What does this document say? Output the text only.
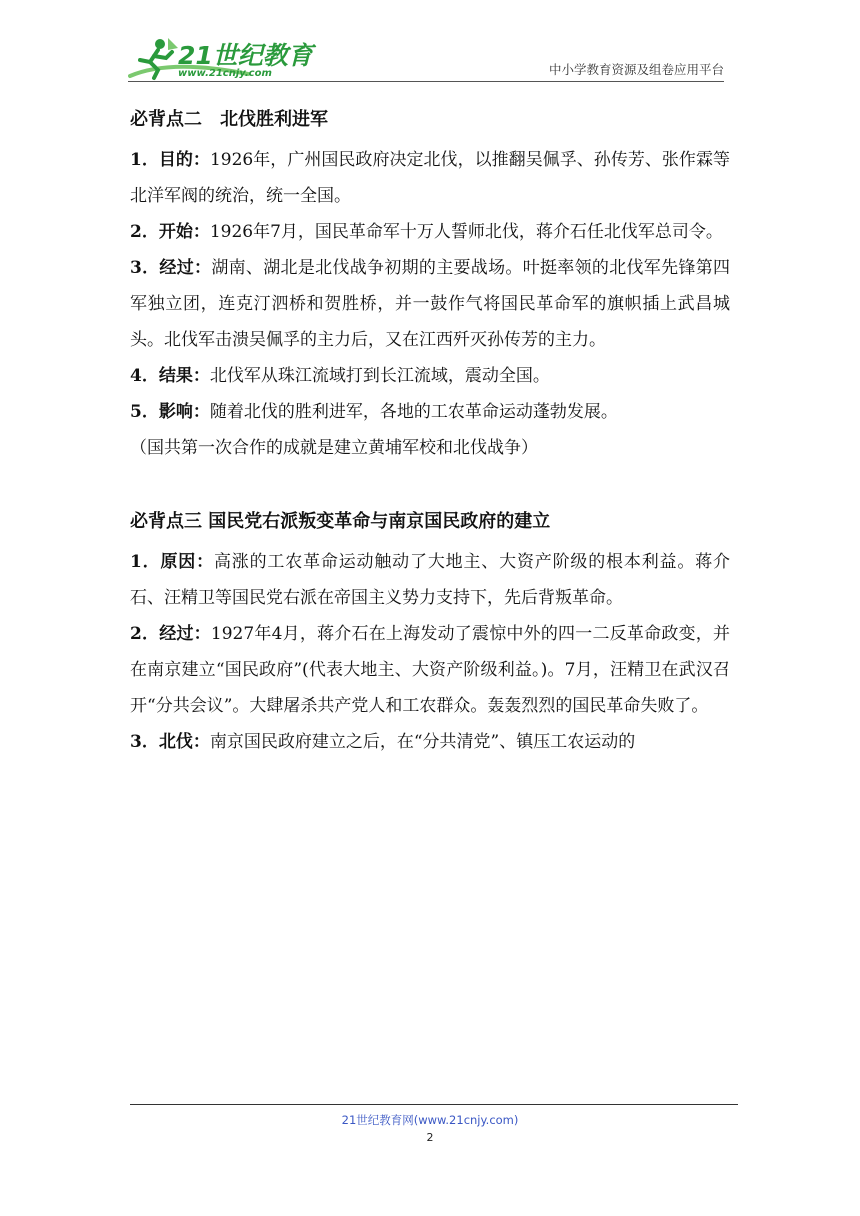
21世纪教育
www.21cnjy.com	中小学教育资源及组卷应用平台

必背点二　北伐胜利进军

1．目的：1926年，广州国民政府决定北伐，以推翻吴佩孚、孙传芳、张作霖等北洋军阀的统治，统一全国。

2．开始：1926年7月，国民革命军十万人誓师北伐，蒋介石任北伐军总司令。

3．经过：湖南、湖北是北伐战争初期的主要战场。叶挺率领的北伐军先锋第四军独立团，连克汀泗桥和贺胜桥，并一鼓作气将国民革命军的旗帜插上武昌城头。北伐军击溃吴佩孚的主力后，又在江西歼灭孙传芳的主力。

4．结果：北伐军从珠江流域打到长江流域，震动全国。

5．影响：随着北伐的胜利进军，各地的工农革命运动蓬勃发展。

（国共第一次合作的成就是建立黄埔军校和北伐战争）

必背点三 国民党右派叛变革命与南京国民政府的建立

1．原因：高涨的工农革命运动触动了大地主、大资产阶级的根本利益。蒋介石、汪精卫等国民党右派在帝国主义势力支持下，先后背叛革命。

2．经过：1927年4月，蒋介石在上海发动了震惊中外的四一二反革命政变，并在南京建立“国民政府”(代表大地主、大资产阶级利益。)。7月，汪精卫在武汉召开“分共会议”。大肆屠杀共产党人和工农群众。轰轰烈烈的国民革命失败了。

3．北伐：南京国民政府建立之后，在“分共清党”、镇压工农运动的

21世纪教育网(www.21cnjy.com)
2
